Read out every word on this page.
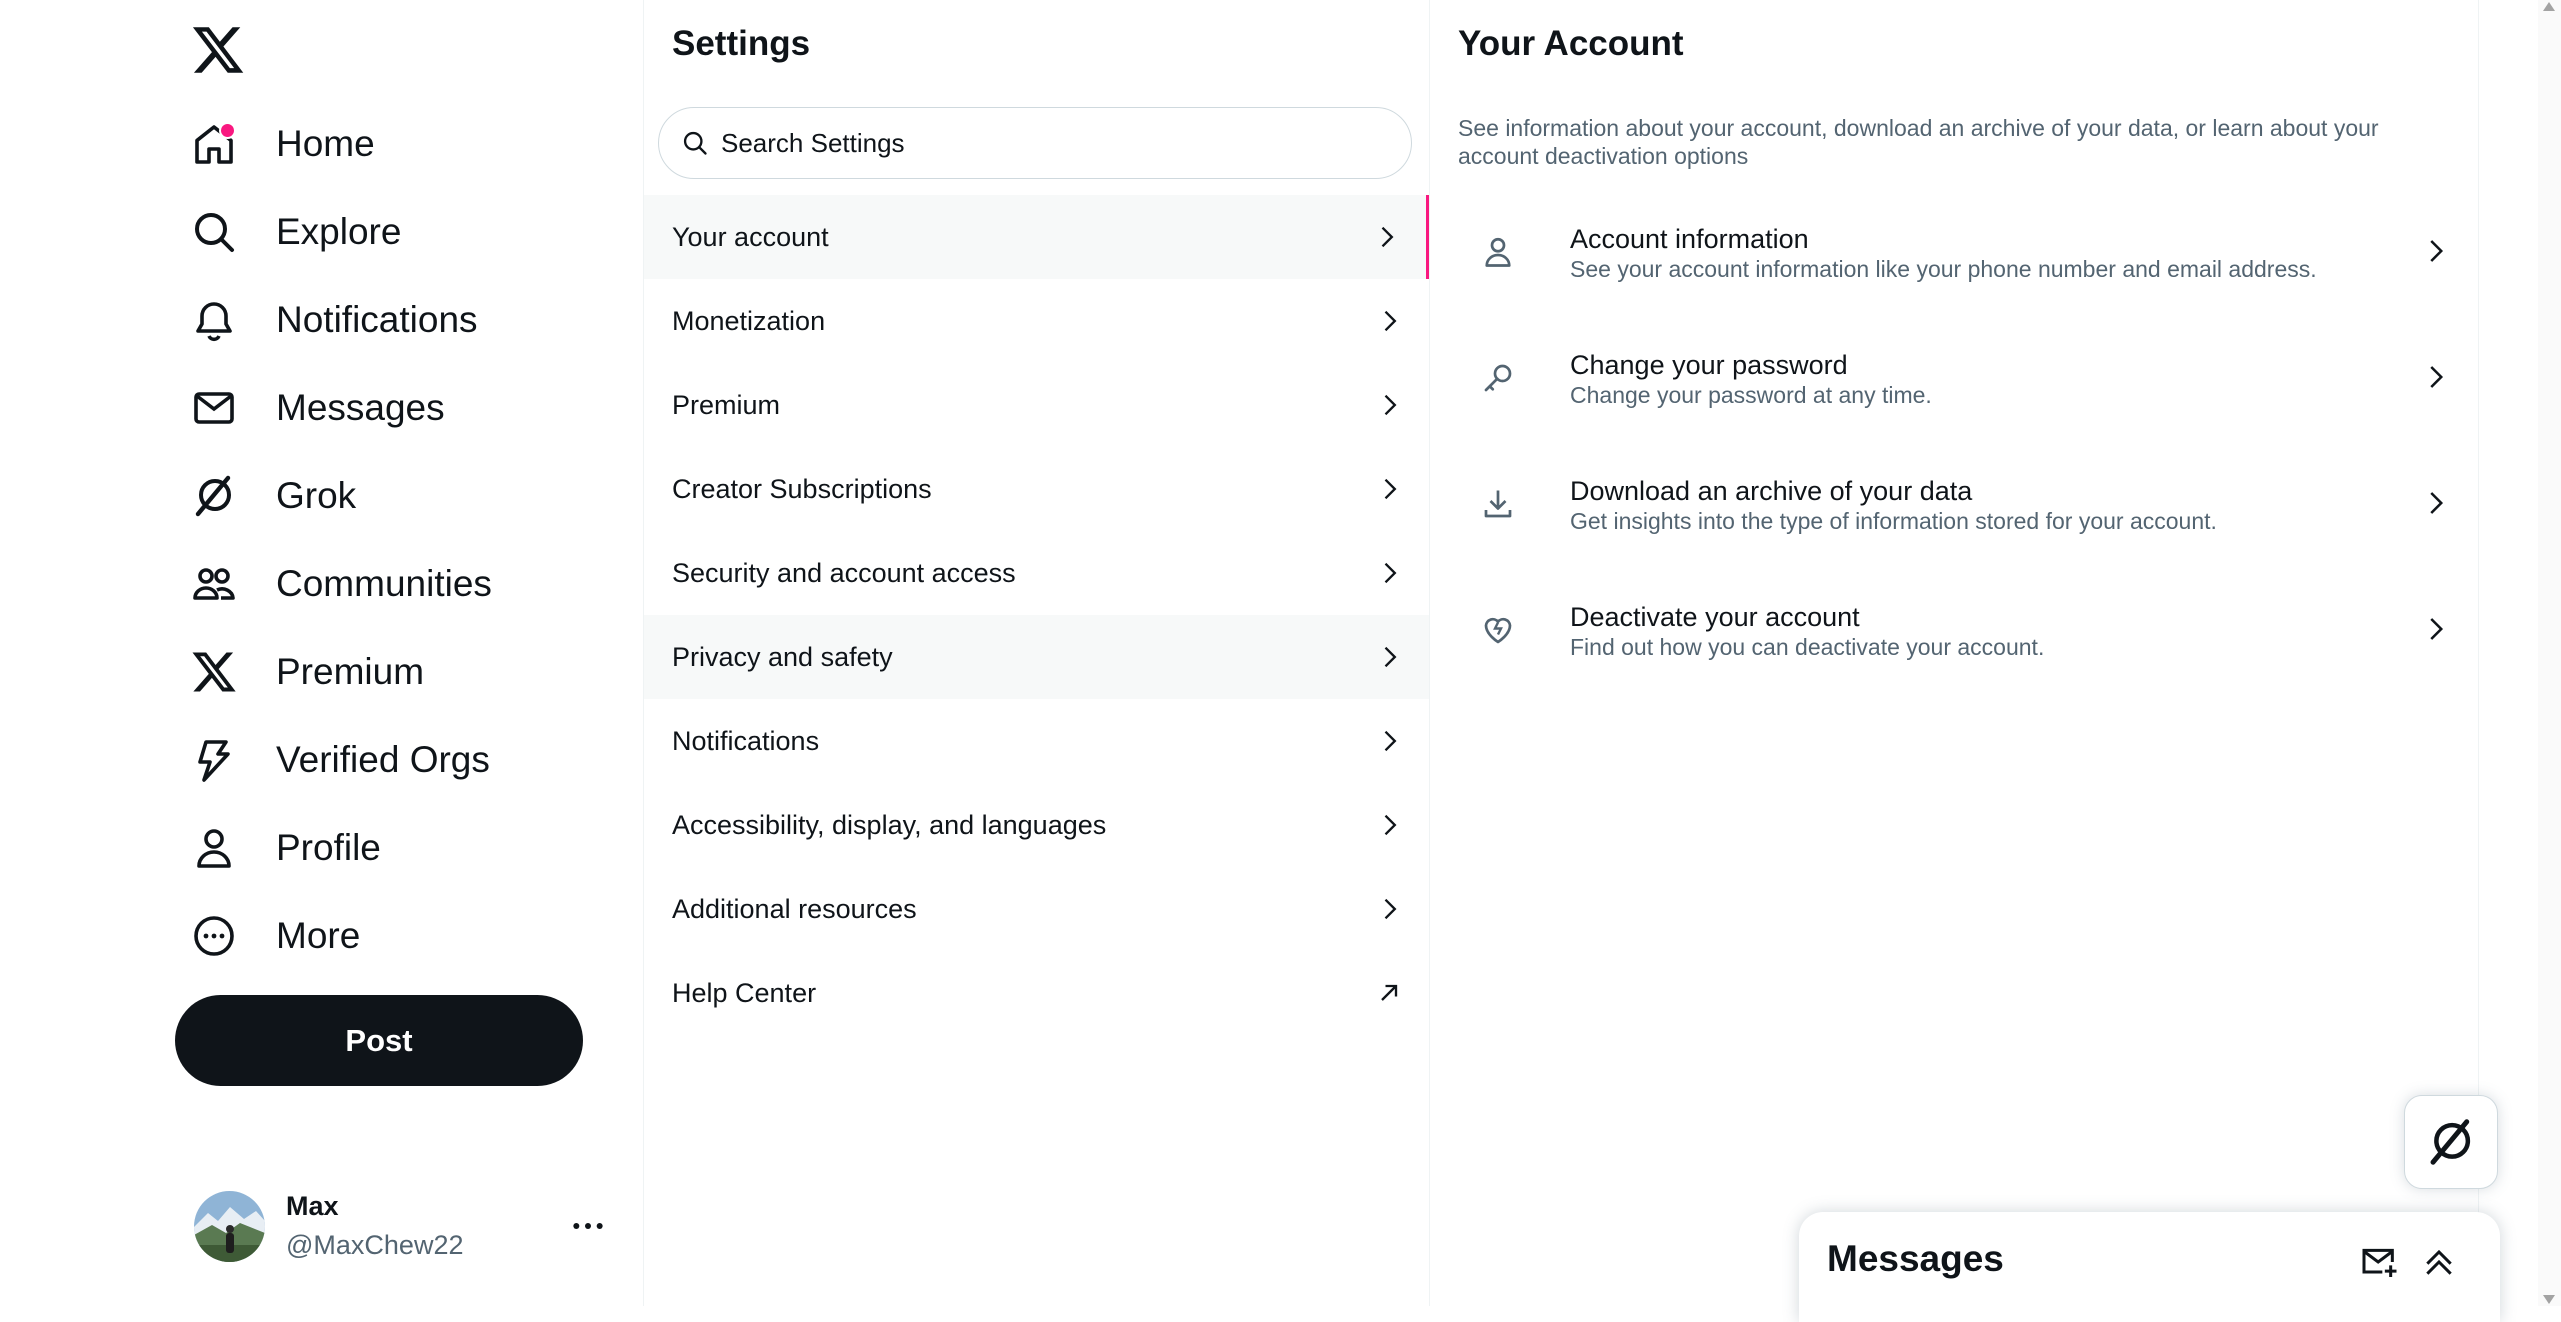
Home
Explore
Notifications
Messages
Grok
Communities
Premium
Verified Orgs
Profile
More
Post
Max
@MaxChew22
Settings
Search Settings
Your account
Monetization
Premium
Creator Subscriptions
Security and account access
Privacy and safety
Notifications
Accessibility, display, and languages
Additional resources
Help Center
Your Account
See information about your account, download an archive of your data, or learn about your account deactivation options
Account information
See your account information like your phone number and email address.
Change your password
Change your password at any time.
Download an archive of your data
Get insights into the type of information stored for your account.
Deactivate your account
Find out how you can deactivate your account.
Messages
